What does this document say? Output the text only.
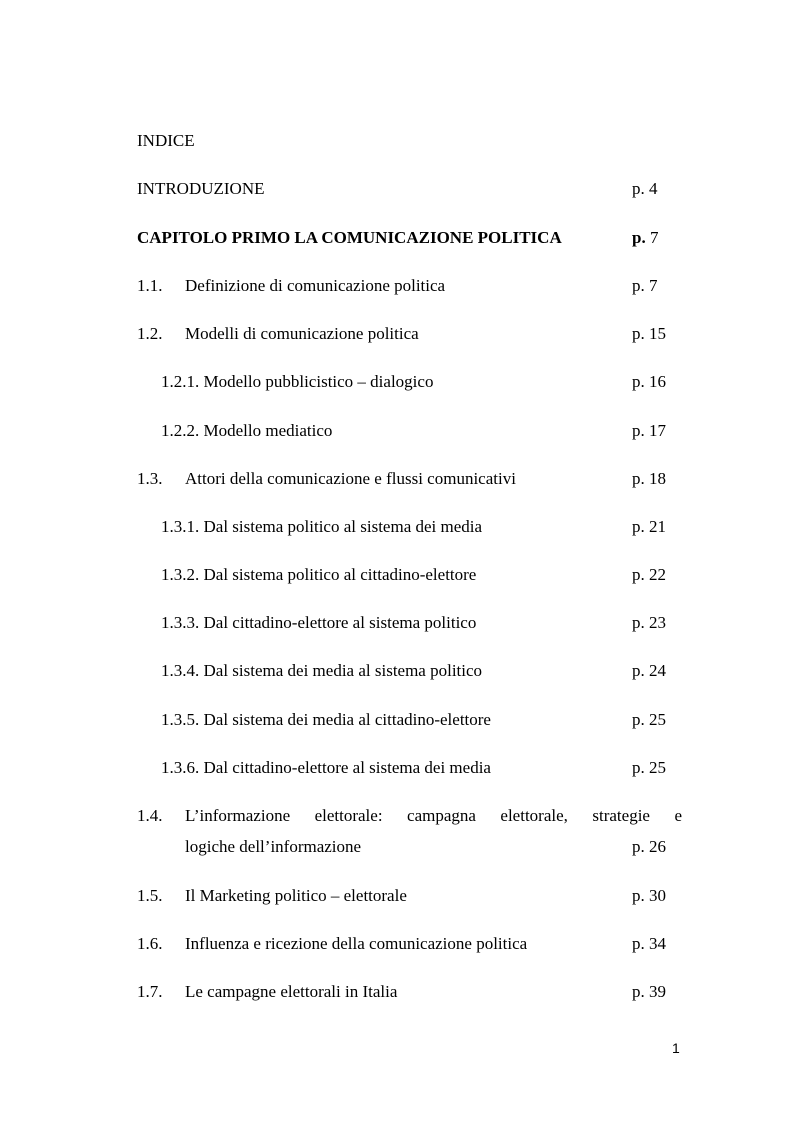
INDICE
INTRODUZIONE	p. 4
CAPITOLO PRIMO LA COMUNICAZIONE POLITICA	p. 7
1.1. Definizione di comunicazione politica	p. 7
1.2. Modelli di comunicazione politica	p. 15
1.2.1. Modello pubblicistico – dialogico	p. 16
1.2.2. Modello mediatico	p. 17
1.3. Attori della comunicazione e flussi comunicativi	p. 18
1.3.1. Dal sistema politico al sistema dei media	p. 21
1.3.2. Dal sistema politico al cittadino-elettore	p. 22
1.3.3. Dal cittadino-elettore al sistema politico	p. 23
1.3.4. Dal sistema dei media al sistema politico	p. 24
1.3.5. Dal sistema dei media al cittadino-elettore	p. 25
1.3.6. Dal cittadino-elettore al sistema dei media	p. 25
1.4. L’informazione elettorale: campagna elettorale, strategie e
logiche dell’informazione	p. 26
1.5. Il Marketing politico – elettorale	p. 30
1.6. Influenza e ricezione della comunicazione politica	p. 34
1.7. Le campagne elettorali in Italia	p. 39
1
